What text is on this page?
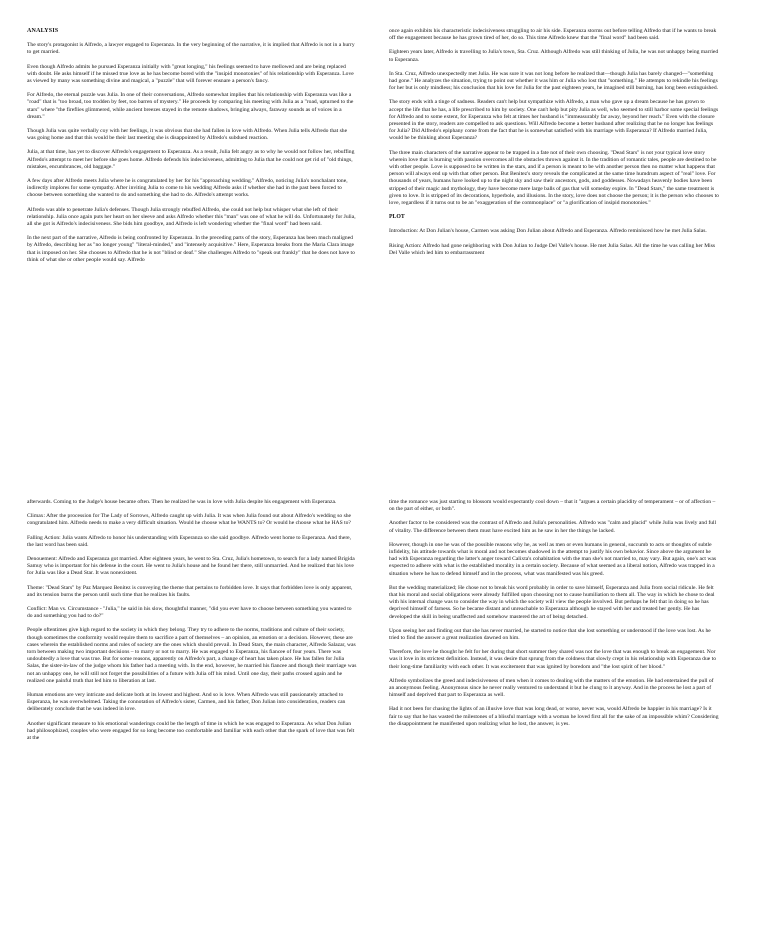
ANALYSIS

The story's protagonist is Alfredo, a lawyer engaged to Esperanza. In the very beginning of the narrative, it is implied that Alfredo is not in a hurry to get married.

Even though Alfredo admits he pursued Esperanza initially with "great longing," his feelings seemed to have mellowed and are being replaced with doubt. He asks himself if he missed true love as he has become bored with the "insipid monotonies" of his relationship with Esperanza. Love as viewed by many was something divine and magical, a "puzzle" that will forever ensnare a person's fancy.

For Alfredo, the eternal puzzle was Julia. In one of their conversations, Alfredo somewhat implies that his relationship with Esperanza was like a "road" that is "too broad, too trodden by feet, too barren of mystery." He proceeds by comparing his meeting with Julia as a "road, upturned to the stars" where "the fireflies glimmered, while ancient breezes stayed in the remote shadows, bringing always, faraway sounds as of voices in a dream."

Though Julia was quite verbally coy with her feelings, it was obvious that she had fallen in love with Alfredo. When Julia tells Alfredo that she was going home and that this would be their last meeting she is disappointed by Alfredo's subdued reaction.

Julia, at that time, has yet to discover Alfredo's engagement to Esperanza. As a result, Julia felt angry as to why he would not follow her, rebuffing Alfredo's attempt to meet her before she goes home. Alfredo defends his indecisiveness, admitting to Julia that he could not get rid of "old things, mistakes, encumbrances, old baggage."

A few days after Alfredo meets Julia where he is congratulated by her for his "approaching wedding." Alfredo, noticing Julia's nonchalant tone, indirectly implores for some sympathy. After inviting Julia to come to his wedding Alfredo asks if whether she had in the past been forced to choose between something she wanted to do and something she had to do. Alfredo's attempt works.

Alfredo was able to penetrate Julia's defenses. Though Julia strongly rebuffed Alfredo, she could not help but whisper what she left of their relationship. Julia once again puts her heart on her sleeve and asks Alfredo whether this "man" was one of what he will do. Unfortunately for Julia, all she got is Alfredo's indecisiveness. She bids him goodbye, and Alfredo is left wondering whether the "final word" had been said.

In the next part of the narrative, Alfredo is being confronted by Esperanza. In the preceding parts of the story, Esperanza has been much maligned by Alfredo, describing her as "no longer young" "literal-minded," and "intensely acquisitive." Here, Esperanza breaks from the Maria Clara image that is imposed on her. She chooses to Alfredo that he is not "blind or deaf." She challenges Alfredo to "speak out frankly" that he does not have to think of what she or other people would say. Alfredo

once again exhibits his characteristic indecisiveness struggling to air his side. Esperanza storms out before telling Alfredo that if he wants to break off the engagement because he has grown tired of her, do so. This time Alfredo knew that the "final word" had been said.

Eighteen years later, Alfredo is travelling to Julia's town, Sta. Cruz. Although Alfredo was still thinking of Julia, he was not unhappy being married to Esperanza.

In Sta. Cruz, Alfredo unexpectedly met Julia. He was sure it was not long before he realized that—though Julia has barely changed—"something had gone." He analyzes the situation, trying to point out whether it was him or Julia who lost that "something." He attempts to rekindle his feelings for her but is only mindless; his conclusion that his love for Julia for the past eighteen years, he imagined still burning, has long been extinguished.

The story ends with a tinge of sadness. Readers can't help but sympathize with Alfredo, a man who gave up a dream because he has grown to accept the life that he has, a life prescribed to him by society. One can't help but pity Julia as well, who seemed to still harbor some special feelings for Alfredo and to some extent, for Esperanza who felt at times her husband is "immeasurably far away, beyond her reach." Even with the closure presented in the story, readers are compelled to ask questions. Will Alfredo become a better husband after realizing that he no longer has feelings for Julia? Did Alfredo's epiphany come from the fact that he is somewhat satisfied with his marriage with Esperanza? If Alfredo married Julia, would he be thinking about Esperanza?

The three main characters of the narrative appear to be trapped in a fate not of their own choosing. "Dead Stars" is not your typical love story wherein love that is burning with passion overcomes all the obstacles thrown against it. In the tradition of romantic tales, people are destined to be with other people. Love is supposed to be written in the stars, and if a person is meant to be with another person then no matter what happens that person will always end up with that other person. But Benitez's story reveals the complicated at the same time humdrum aspect of "real" love. For thousands of years, humans have looked up to the night sky and saw their ancestors, gods, and goddesses. Nowadays heavenly bodies have been stripped of their magic and mythology, they have become mere large balls of gas that will someday expire. In "Dead Stars," the same treatment is given to love. It is stripped of its decorations, hyperbole, and illusions. In the story, love does not choose the person; it is the person who chooses to love, regardless if it turns out to be an "exaggeration of the commonplace" or "a glorification of insipid monotonies."

PLOT

Introduction: At Don Julian's house, Carmen was asking Don Julian about Alfredo and Esperanza. Alfredo reminisced how he met Julia Salas.

Rising Action: Alfredo had gone neighboring with Don Julian to Judge Del Valle's house. He met Julia Salas. All the time he was calling her Miss Del Valle which led him to embarrassment

afterwards. Coming to the Judge's house became often. Then he realized he was in love with Julia despite his engagement with Esperanza.

Climax: After the procession for The Lady of Sorrows, Alfredo caught up with Julia. It was when Julia found out about Alfredo's wedding so she congratulated him. Alfredo needs to make a very difficult situation. Would he choose what he WANTS to? Or would he choose what he HAS to?

Falling Action: Julia wants Alfredo to honor his understanding with Esperanza so she said goodbye. Alfredo went home to Esperanza. And there, the last word has been said.

Denouement: Alfredo and Esperanza got married. After eighteen years, he went to Sta. Cruz, Julia's hometown, to search for a lady named Brigida Samuy who is important for his defense in the court. He went to Julia's house and he found her there, still unmarried. And he realized that his love for Julia was like a Dead Star. It was nonexistent.

Theme: "Dead Stars" by Paz Marquez Benitez is conveying the theme that pertains to forbidden love. It says that forbidden love is only apparent, and its tension burns the person until such time that he realizes his faults.

Conflict: Man vs. Circumstance - "Julia," he said in his slow, thoughtful manner, "did you ever have to choose between something you wanted to do and something you had to do?"

People oftentimes give high regard to the society in which they belong. They try to adhere to the norms, traditions and culture of their society, though sometimes the conformity would require them to sacrifice a part of themselves – an opinion, an emotion or a decision. However, these are cases wherein the established norms and rules of society are the ones which should prevail. In Dead Stars, the main character, Alfredo Salazar, was torn between making two important decisions – to marry or not to marry. He was engaged to Esperanza, his fiancee of four years. There was undoubtedly a love that was true. But for some reasons, apparently on Alfredo's part, a change of heart has taken place. He has fallen for Julia Salas, the sister-in-law of the judge whom his father had a meeting with. In the end, however, he married his fiancee and though their marriage was not an unhappy one, he will still not forget the possibilities of a future with Julia off his mind. Until one day, their paths crossed again and he realized one painful truth that led him to liberation at last.

Human emotions are very intricate and delicate both at its lowest and highest. And so is love. When Alfredo was still passionately attached to Esperanza, he was overwhelmed. Taking the connotation of Alfredo's sister, Carmen, and his father, Don Julian into consideration, readers can deliberately conclude that he was indeed in love.

Another significant measure to his emotional wanderings could be the length of time in which he was engaged to Esperanza. As what Don Julian had philosophized, couples who were engaged for so long become too comfortable and familiar with each other that the spark of love that was felt at the

time the romance was just starting to blossom would expectantly cool down – that it "argues a certain placidity of temperament – or of affection – on the part of either, or both".

Another factor to be considered was the contrast of Alfredo and Julia's personalities. Alfredo was "calm and placid" while Julia was lively and full of vitality. The difference between them must have excited him as he saw in her the things he lacked.

However, though in one he was of the possible reasons why he, as well as men or even humans in general, succumb to acts or thoughts of subtle infidelity, his attitude towards what is moral and not becomes shadowed in the attempt to justify his own behavior. Since above the argument he had with Esperanza regarding the latter's anger toward Calixta's cohabitation with the man she's not married to, may vary. But again, one's act was expected to adhere with what is the established morality in a certain society. Because of what seemed as a liberal notion, Alfredo was trapped in a situation where he has to defend himself and in the process, what was manifested was his greed.

But the wedding materialized; He chose not to break his word probably in order to save himself, Esperanza and Julia from social ridicule. He felt that his moral and social obligations were already fulfilled upon choosing not to cause humiliation to them all. The way in which he chose to deal with his internal change was to consider the way in which the society will view the people involved. But perhaps he felt that in doing so he has deprived himself of farness. So he became distant and unreachable to Esperanza although he stayed with her and treated her gently. He has developed the skill in being unaffected and somehow mastered the art of being detached.

Upon seeing her and finding out that she has never married, he started to notice that she lost something or understood if the love was lost. As he tried to find the answer a great realization dawned on him.

Therefore, the love he thought he felt for her during that short summer they shared was not the love that was enough to break an engagement. Nor was it love in its strictest definition. Instead, it was desire that sprung from the coldness that slowly crept in his relationship with Esperanza due to their long-time familiarity with each other. It was excitement that was ignited by boredom and "the lost spirit of her blood."

Alfredo symbolizes the greed and indecisiveness of men when it comes to dealing with the matters of the emotion. He had entertained the pull of an anonymous feeling. Anonymous since he never really ventured to understand it but he clung to it anyway. And in the process he lost a part of himself and deprived that part to Esperanza as well.

Had it not been for chasing the lights of an illusive love that was long dead, or worse, never was, would Alfredo be happier in his marriage? Is it fair to say that he has wasted the milestones of a blissful marriage with a woman he loved first all for the sake of an impossible whim? Considering the disappointment he manifested upon realizing what he lost, the answer, is yes.
